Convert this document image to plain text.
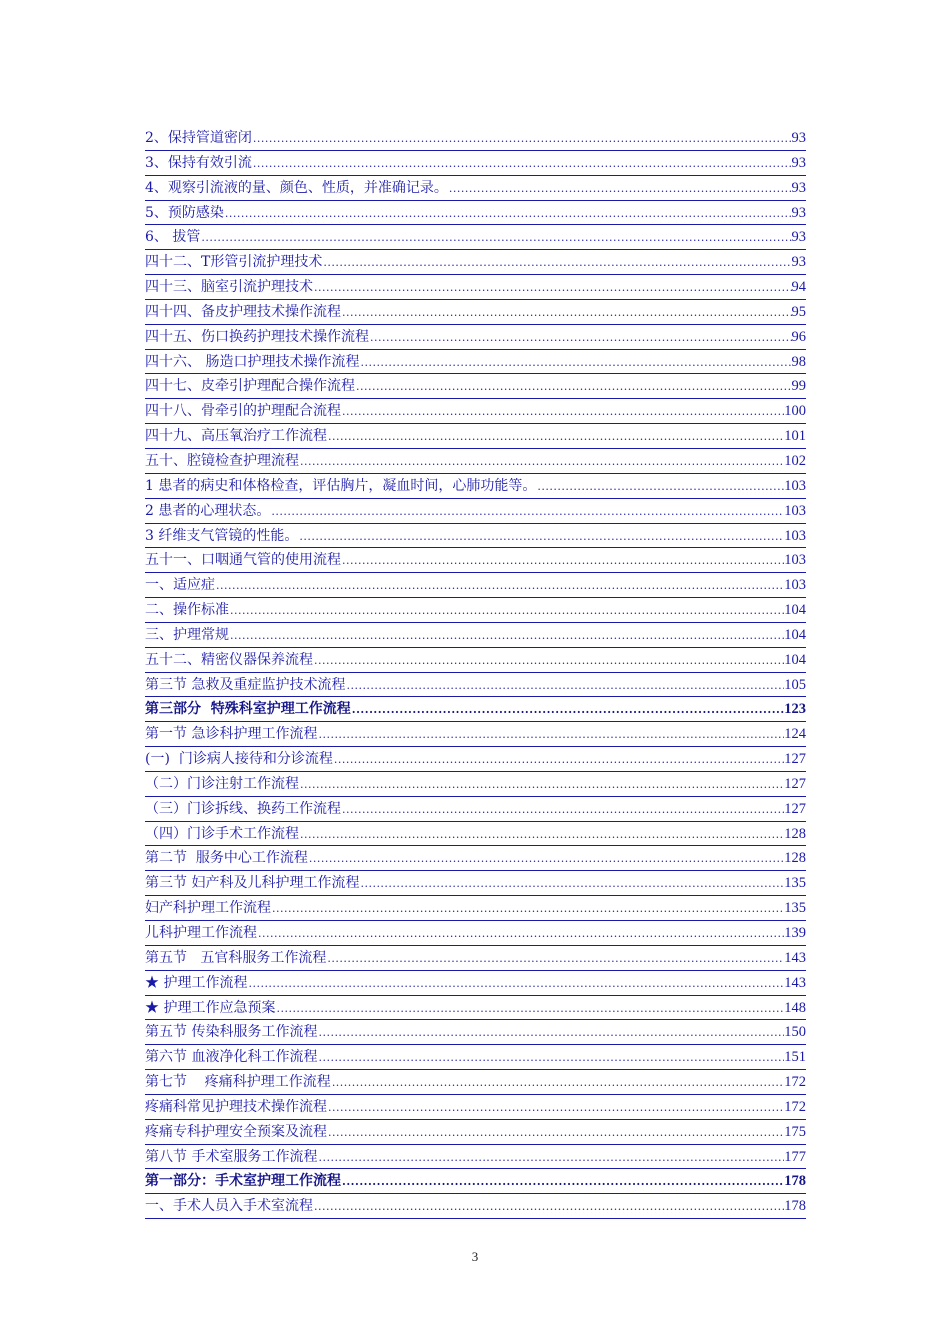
2、保持管道密闭 .....	93
3、保持有效引流 .....	93
4、观察引流液的量、颜色、性质，并准确记录。 .....	93
5、预防感染 .....	93
6、 拔管 .....	93
四十二、T形管引流护理技术 .....	93
四十三、脑室引流护理技术 .....	94
四十四、备皮护理技术操作流程 .....	95
四十五、伤口换药护理技术操作流程 .....	96
四十六、 肠造口护理技术操作流程 .....	98
四十七、皮牵引护理配合操作流程 .....	99
四十八、骨牵引的护理配合流程 .....	100
四十九、高压氧治疗工作流程 .....	101
五十、腔镜检查护理流程 .....	102
1 患者的病史和体格检查，评估胸片，凝血时间，心肺功能等。 .....	103
2 患者的心理状态。 .....	103
3 纤维支气管镜的性能。 .....	103
五十一、口咽通气管的使用流程 .....	103
一、适应症 .....	103
二、操作标准 .....	104
三、护理常规 .....	104
五十二、精密仪器保养流程 .....	104
第三节 急救及重症监护技术流程 .....	105
第三部分  特殊科室护理工作流程 .....	123
第一节 急诊科护理工作流程 .....	124
(一)  门诊病人接待和分诊流程 .....	127
（二）门诊注射工作流程 .....	127
（三）门诊拆线、换药工作流程 .....	127
（四）门诊手术工作流程 .....	128
第二节  服务中心工作流程 .....	128
第三节 妇产科及儿科护理工作流程 .....	135
妇产科护理工作流程 .....	135
儿科护理工作流程 .....	139
第五节   五官科服务工作流程 .....	143
★ 护理工作流程 .....	143
★ 护理工作应急预案 .....	148
第五节 传染科服务工作流程 .....	150
第六节 血液净化科工作流程 .....	151
第七节    疼痛科护理工作流程 .....	172
疼痛科常见护理技术操作流程 .....	172
疼痛专科护理安全预案及流程 .....	175
第八节 手术室服务工作流程 .....	177
第一部分：手术室护理工作流程 .....	178
一、手术人员入手术室流程 .....	178
3
